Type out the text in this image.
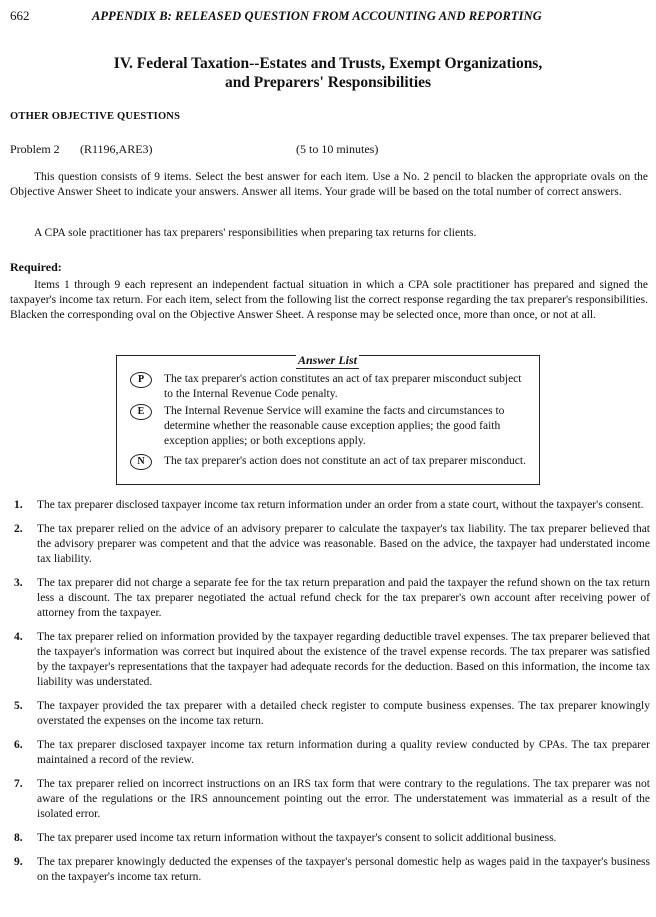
662	APPENDIX B: RELEASED QUESTION FROM ACCOUNTING AND REPORTING
IV. Federal Taxation--Estates and Trusts, Exempt Organizations,
and Preparers' Responsibilities
OTHER OBJECTIVE QUESTIONS
Problem 2 (R1196,ARE3)	(5 to 10 minutes)
This question consists of 9 items. Select the best answer for each item. Use a No. 2 pencil to blacken the appropriate ovals on the Objective Answer Sheet to indicate your answers. Answer all items. Your grade will be based on the total number of correct answers.
A CPA sole practitioner has tax preparers' responsibilities when preparing tax returns for clients.
Required:
Items 1 through 9 each represent an independent factual situation in which a CPA sole practitioner has prepared and signed the taxpayer's income tax return. For each item, select from the following list the correct response regarding the tax preparer's responsibilities. Blacken the corresponding oval on the Objective Answer Sheet. A response may be selected once, more than once, or not at all.
Answer List
P	The tax preparer's action constitutes an act of tax preparer misconduct subject to the Internal Revenue Code penalty.
E	The Internal Revenue Service will examine the facts and circumstances to determine whether the reasonable cause exception applies; the good faith exception applies; or both exceptions apply.
N	The tax preparer's action does not constitute an act of tax preparer misconduct.
1. The tax preparer disclosed taxpayer income tax return information under an order from a state court, without the taxpayer's consent.
2. The tax preparer relied on the advice of an advisory preparer to calculate the taxpayer's tax liability. The tax preparer believed that the advisory preparer was competent and that the advice was reasonable. Based on the advice, the taxpayer had understated income tax liability.
3. The tax preparer did not charge a separate fee for the tax return preparation and paid the taxpayer the refund shown on the tax return less a discount. The tax preparer negotiated the actual refund check for the tax preparer's own account after receiving power of attorney from the taxpayer.
4. The tax preparer relied on information provided by the taxpayer regarding deductible travel expenses. The tax preparer believed that the taxpayer's information was correct but inquired about the existence of the travel expense records. The tax preparer was satisfied by the taxpayer's representations that the taxpayer had adequate records for the deduction. Based on this information, the income tax liability was understated.
5. The taxpayer provided the tax preparer with a detailed check register to compute business expenses. The tax preparer knowingly overstated the expenses on the income tax return.
6. The tax preparer disclosed taxpayer income tax return information during a quality review conducted by CPAs. The tax preparer maintained a record of the review.
7. The tax preparer relied on incorrect instructions on an IRS tax form that were contrary to the regulations. The tax preparer was not aware of the regulations or the IRS announcement pointing out the error. The understatement was immaterial as a result of the isolated error.
8. The tax preparer used income tax return information without the taxpayer's consent to solicit additional business.
9. The tax preparer knowingly deducted the expenses of the taxpayer's personal domestic help as wages paid in the taxpayer's business on the taxpayer's income tax return.
